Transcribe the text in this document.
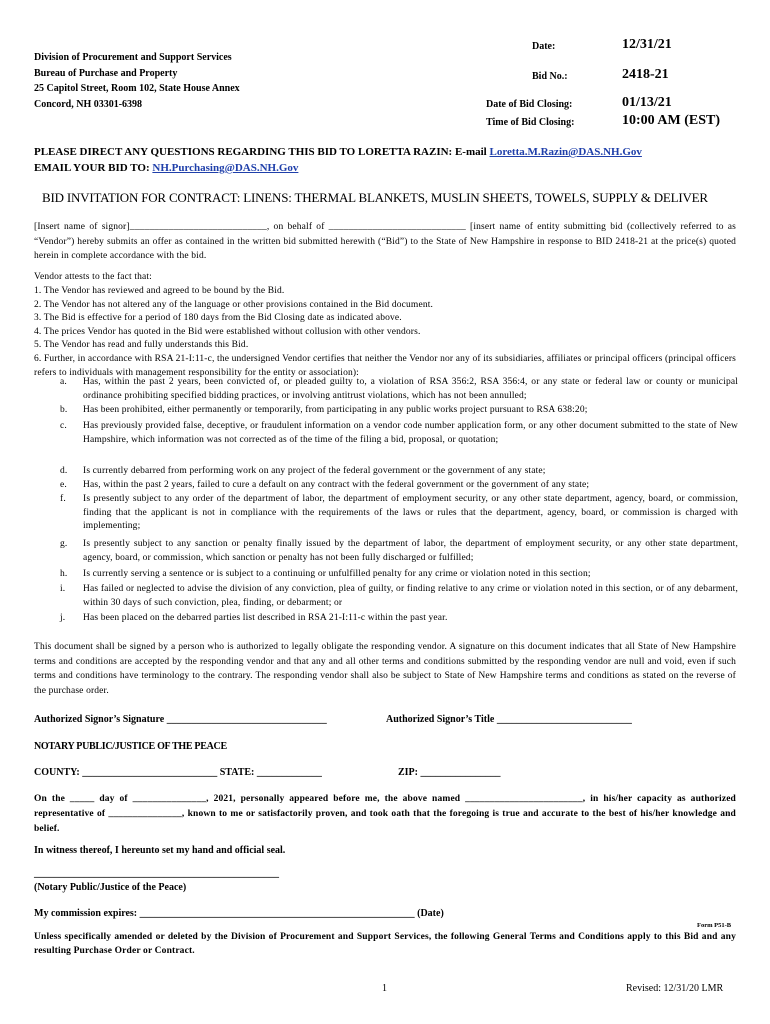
Division of Procurement and Support Services
Bureau of Purchase and Property
25 Capitol Street, Room 102, State House Annex
Concord, NH 03301-6398
Date:	12/31/21
Bid No.:	2418-21
Date of Bid Closing:	01/13/21
Time of Bid Closing:	10:00 AM (EST)
PLEASE DIRECT ANY QUESTIONS REGARDING THIS BID TO LORETTA RAZIN: E-mail Loretta.M.Razin@DAS.NH.Gov
EMAIL YOUR BID TO: NH.Purchasing@DAS.NH.Gov
BID INVITATION FOR CONTRACT: LINENS: THERMAL BLANKETS, MUSLIN SHEETS, TOWELS, SUPPLY & DELIVER
[Insert name of signor]____________________________, on behalf of ____________________________ [insert name of entity submitting bid (collectively referred to as “Vendor”) hereby submits an offer as contained in the written bid submitted herewith (“Bid”) to the State of New Hampshire in response to BID 2418-21 at the price(s) quoted herein in complete accordance with the bid.
Vendor attests to the fact that:
1. The Vendor has reviewed and agreed to be bound by the Bid.
2. The Vendor has not altered any of the language or other provisions contained in the Bid document.
3. The Bid is effective for a period of 180 days from the Bid Closing date as indicated above.
4. The prices Vendor has quoted in the Bid were established without collusion with other vendors.
5. The Vendor has read and fully understands this Bid.
6. Further, in accordance with RSA 21-I:11-c, the undersigned Vendor certifies that neither the Vendor nor any of its subsidiaries, affiliates or principal officers (principal officers refers to individuals with management responsibility for the entity or association):
a. Has, within the past 2 years, been convicted of, or pleaded guilty to, a violation of RSA 356:2, RSA 356:4, or any state or federal law or county or municipal ordinance prohibiting specified bidding practices, or involving antitrust violations, which has not been annulled;
b. Has been prohibited, either permanently or temporarily, from participating in any public works project pursuant to RSA 638:20;
c. Has previously provided false, deceptive, or fraudulent information on a vendor code number application form, or any other document submitted to the state of New Hampshire, which information was not corrected as of the time of the filing a bid, proposal, or quotation;
d. Is currently debarred from performing work on any project of the federal government or the government of any state;
e. Has, within the past 2 years, failed to cure a default on any contract with the federal government or the government of any state;
f. Is presently subject to any order of the department of labor, the department of employment security, or any other state department, agency, board, or commission, finding that the applicant is not in compliance with the requirements of the laws or rules that the department, agency, board, or commission is charged with implementing;
g. Is presently subject to any sanction or penalty finally issued by the department of labor, the department of employment security, or any other state department, agency, board, or commission, which sanction or penalty has not been fully discharged or fulfilled;
h. Is currently serving a sentence or is subject to a continuing or unfulfilled penalty for any crime or violation noted in this section;
i. Has failed or neglected to advise the division of any conviction, plea of guilty, or finding relative to any crime or violation noted in this section, or of any debarment, within 30 days of such conviction, plea, finding, or debarment; or
j. Has been placed on the debarred parties list described in RSA 21-I:11-c within the past year.
This document shall be signed by a person who is authorized to legally obligate the responding vendor. A signature on this document indicates that all State of New Hampshire terms and conditions are accepted by the responding vendor and that any and all other terms and conditions submitted by the responding vendor are null and void, even if such terms and conditions have terminology to the contrary. The responding vendor shall also be subject to State of New Hampshire terms and conditions as stated on the reverse of the purchase order.
Authorized Signor’s Signature ________________________________	Authorized Signor’s Title ___________________________
NOTARY PUBLIC/JUSTICE OF THE PEACE
COUNTY: ___________________________ STATE: _____________	ZIP: ________________
On the _____ day of _______________, 2021, personally appeared before me, the above named ________________________, in his/her capacity as authorized representative of _______________, known to me or satisfactorily proven, and took oath that the foregoing is true and accurate to the best of his/her knowledge and belief.
In witness thereof, I hereunto set my hand and official seal.
_________________________________________________
(Notary Public/Justice of the Peace)
My commission expires: _______________________________________________________ (Date)
Form P51-B
Unless specifically amended or deleted by the Division of Procurement and Support Services, the following General Terms and Conditions apply to this Bid and any resulting Purchase Order or Contract.
1	Revised: 12/31/20 LMR
